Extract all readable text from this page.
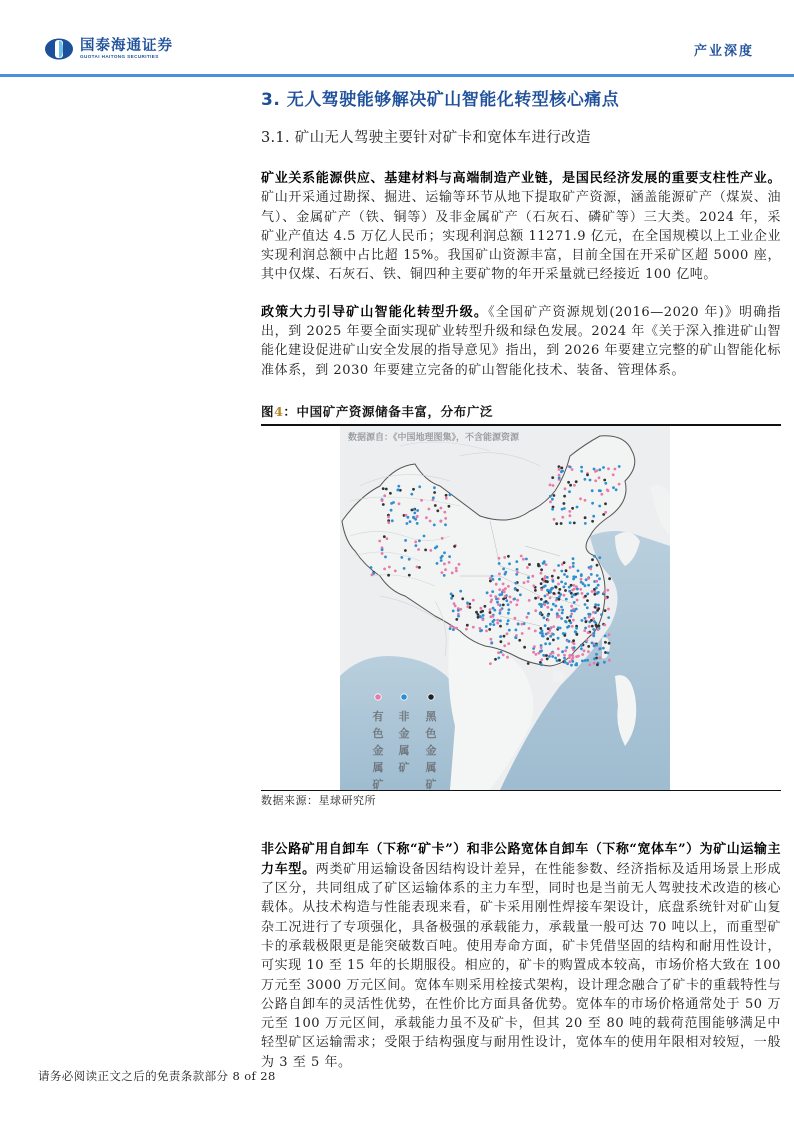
国泰海通证券
GUOTAI HAITONG SECURITIES	产业深度
3. 无人驾驶能够解决矿山智能化转型核心痛点
3.1. 矿山无人驾驶主要针对矿卡和宽体车进行改造

矿业关系能源供应、基建材料与高端制造产业链，是国民经济发展的重要支柱性产业。矿山开采通过勘探、掘进、运输等环节从地下提取矿产资源，涵盖能源矿产（煤炭、油气）、金属矿产（铁、铜等）及非金属矿产（石灰石、磷矿等）三大类。2024 年，采矿业产值达 4.5 万亿人民币；实现利润总额 11271.9 亿元，在全国规模以上工业企业实现利润总额中占比超 15%。我国矿山资源丰富，目前全国在开采矿区超 5000 座，其中仅煤、石灰石、铁、铜四种主要矿物的年开采量就已经接近 100 亿吨。

政策大力引导矿山智能化转型升级。《全国矿产资源规划(2016—2020 年)》明确指出，到 2025 年要全面实现矿业转型升级和绿色发展。2024 年《关于深入推进矿山智能化建设促进矿山安全发展的指导意见》指出，到 2026 年要建立完整的矿山智能化标准体系，到 2030 年要建立完备的矿山智能化技术、装备、管理体系。

图4：中国矿产资源储备丰富，分布广泛
数据源自：《中国地理图集》，不含能源资源
有
色
金
属
矿
非
金
属
矿
黑
色
金
属
矿
数据来源：星球研究所

非公路矿用自卸车（下称“矿卡”）和非公路宽体自卸车（下称“宽体车”）为矿山运输主力车型。两类矿用运输设备因结构设计差异，在性能参数、经济指标及适用场景上形成了区分，共同组成了矿区运输体系的主力车型，同时也是当前无人驾驶技术改造的核心载体。从技术构造与性能表现来看，矿卡采用刚性焊接车架设计，底盘系统针对矿山复杂工况进行了专项强化，具备极强的承载能力，承载量一般可达 70 吨以上，而重型矿卡的承载极限更是能突破数百吨。使用寿命方面，矿卡凭借坚固的结构和耐用性设计，可实现 10 至 15 年的长期服役。相应的，矿卡的购置成本较高，市场价格大致在 100 万元至 3000 万元区间。宽体车则采用栓接式架构，设计理念融合了矿卡的重载特性与公路自卸车的灵活性优势，在性价比方面具备优势。宽体车的市场价格通常处于 50 万元至 100 万元区间，承载能力虽不及矿卡，但其 20 至 80 吨的载荷范围能够满足中轻型矿区运输需求；受限于结构强度与耐用性设计，宽体车的使用年限相对较短，一般为 3 至 5 年。

请务必阅读正文之后的免责条款部分 8 of 28
